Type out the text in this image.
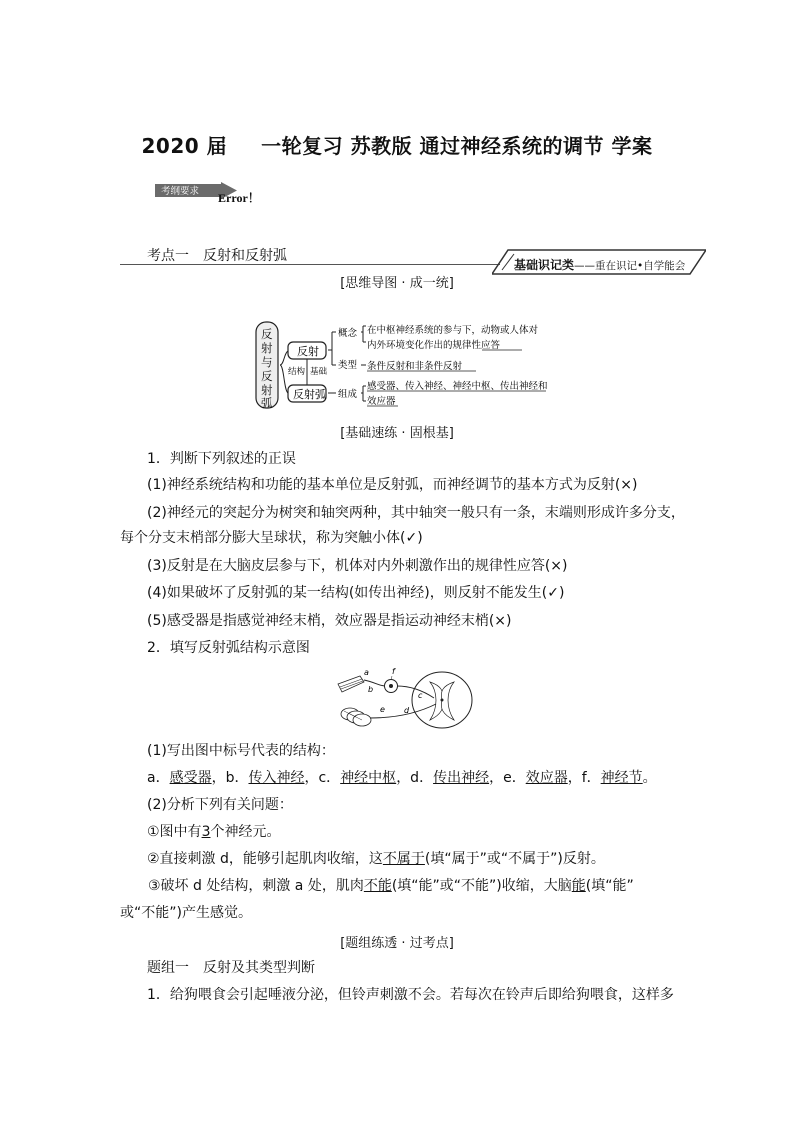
2020 届 一轮复习 苏教版 通过神经系统的调节 学案
考纲要求 Error！
考点一　反射和反射弧
基础识记类——重在识记•自学能会
[思维导图 · 成一统]
反射与反射弧
反射
反射弧
结构 基础
概念 在中枢神经系统的参与下，动物或人体对
内外环境变化作出的规律性应答
类型 条件反射和非条件反射
组成
感受器、传入神经、神经中枢、传出神经和
效应器
[基础速练 · 固根基]
1．判断下列叙述的正误
(1)神经系统结构和功能的基本单位是反射弧，而神经调节的基本方式为反射(×)
(2)神经元的突起分为树突和轴突两种，其中轴突一般只有一条，末端则形成许多分支，
每个分支末梢部分膨大呈球状，称为突触小体(✓)
(3)反射是在大脑皮层参与下，机体对内外刺激作出的规律性应答(×)
(4)如果破坏了反射弧的某一结构(如传出神经)，则反射不能发生(✓)
(5)感受器是指感觉神经末梢，效应器是指运动神经末梢(×)
2．填写反射弧结构示意图
a
b
c
d
e
f
(1)写出图中标号代表的结构：
a．感受器，b．传入神经，c．神经中枢，d．传出神经，e．效应器，f．神经节。
(2)分析下列有关问题：
①图中有3个神经元。
②直接刺激 d，能够引起肌肉收缩，这不属于(填“属于”或“不属于”)反射。
③破坏 d 处结构，刺激 a 处，肌肉不能(填“能”或“不能”)收缩，大脑能(填“能”
或“不能”)产生感觉。
[题组练透 · 过考点]
题组一　反射及其类型判断
1．给狗喂食会引起唾液分泌，但铃声刺激不会。若每次在铃声后即给狗喂食，这样多
